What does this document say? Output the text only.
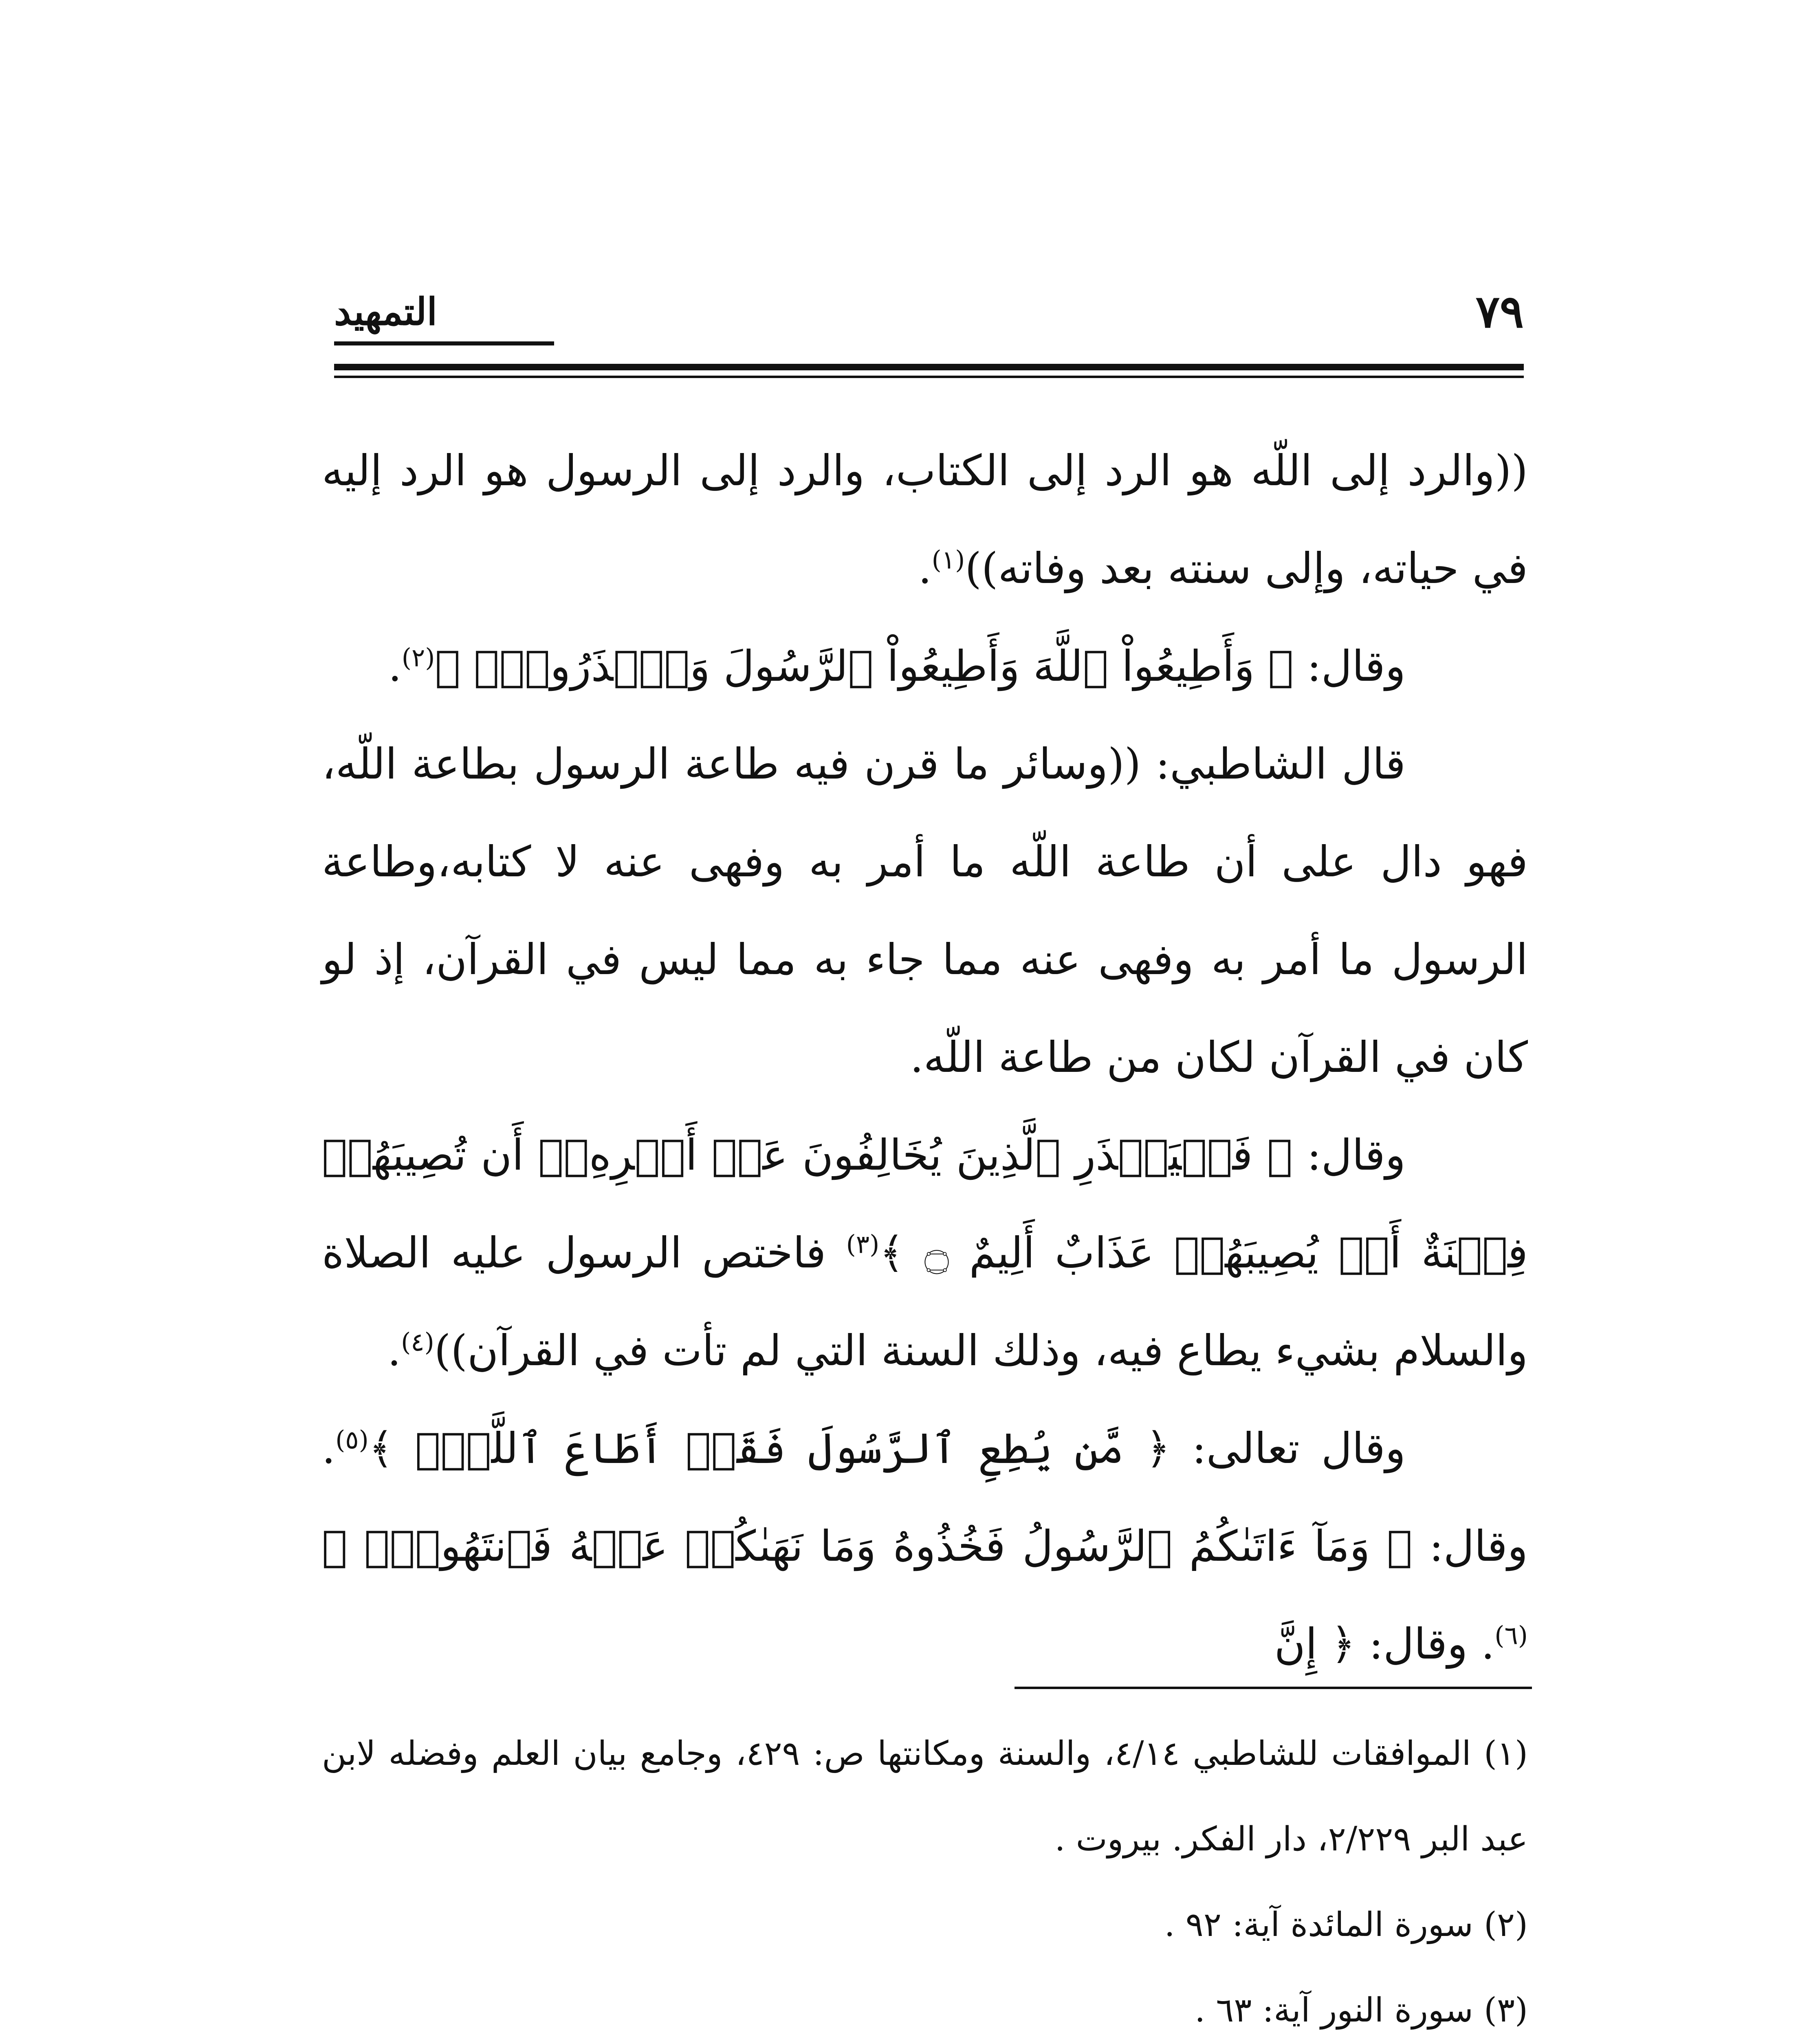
٧٩
التمهيد

((والرد إلى اللّه هو الرد إلى الكتاب، والرد إلى الرسول هو الرد إليه في حياته، وإلى سنته بعد وفاته))$^{(١)}$.

وقال: ﴿ وَأَطِيعُواْ ٱللَّهَ وَأَطِيعُواْ ٱلرَّسُولَ وَٱحۡذَرُواْۚ ﴾$^{(٢)}$.

قال الشاطبي: ((وسائر ما قرن فيه طاعة الرسول بطاعة اللّه، فهو دال على أن طاعة اللّه ما أمر به وفهى عنه لا كتابه،وطاعة الرسول ما أمر به وفهى عنه مما جاء به مما ليس في القرآن، إذ لو كان في القرآن لكان من طاعة اللّه.

وقال: ﴿ فَلۡيَحۡذَرِ ٱلَّذِينَ يُخَالِفُونَ عَنۡ أَمۡرِهِۦٓ أَن تُصِيبَهُمۡ فِتۡنَةٌ أَوۡ يُصِيبَهُمۡ عَذَابٌ أَلِيمٌ ۝ ﴾$^{(٣)}$ فاختص الرسول عليه الصلاة والسلام بشيء يطاع فيه، وذلك السنة التي لم تأت في القرآن))$^{(٤)}$.

وقال تعالى: ﴿ مَّن يُطِعِ ٱلرَّسُولَ فَقَدۡ أَطَاعَ ٱللَّهَۖ ﴾$^{(٥)}$. وقال: ﴿ وَمَآ ءَاتَىٰكُمُ ٱلرَّسُولُ فَخُذُوهُ وَمَا نَهَىٰكُمۡ عَنۡهُ فَٱنتَهُواْۚ ﴾$^{(٦)}$. وقال: ﴿ إِنَّ

(١) الموافقات للشاطبي ٤/١٤، والسنة ومكانتها ص: ٤٢٩، وجامع بيان العلم وفضله لابن عبد البر ٢/٢٢٩، دار الفكر. بيروت .

(٢) سورة المائدة آية: ٩٢ .

(٣) سورة النور آية: ٦٣ .
